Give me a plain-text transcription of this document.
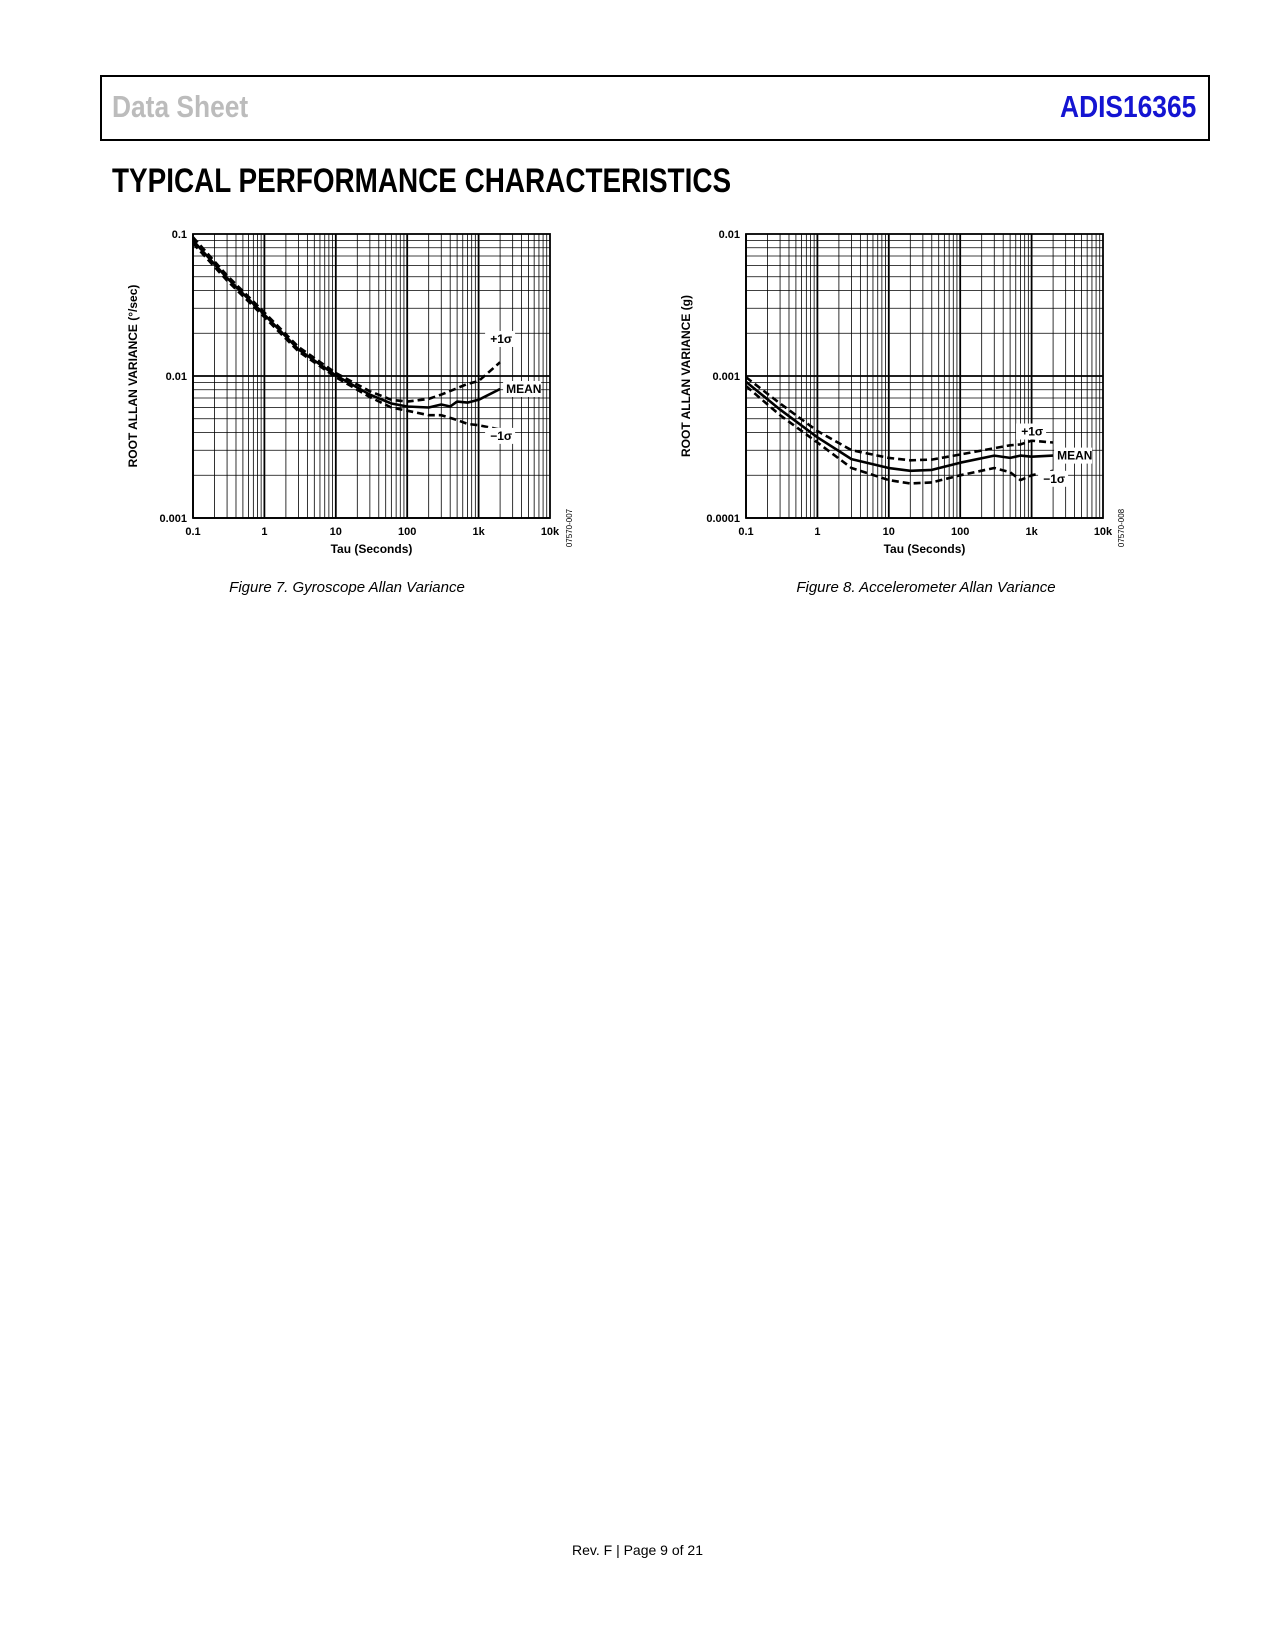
Data Sheet	ADIS16365
TYPICAL PERFORMANCE CHARACTERISTICS
0.1	1	10	100	1k	10k
0.001
0.01
0.1
Tau (Seconds)
ROOT ALLAN VARIANCE (°/sec)
07570-007
+1σ
MEAN
−1σ
Figure 7. Gyroscope Allan Variance
0.1	1	10	100	1k	10k
0.0001
0.001
0.01
Tau (Seconds)
ROOT ALLAN VARIANCE (g)
07570-008
+1σ
MEAN
−1σ
Figure 8. Accelerometer Allan Variance
Rev. F | Page 9 of 21
